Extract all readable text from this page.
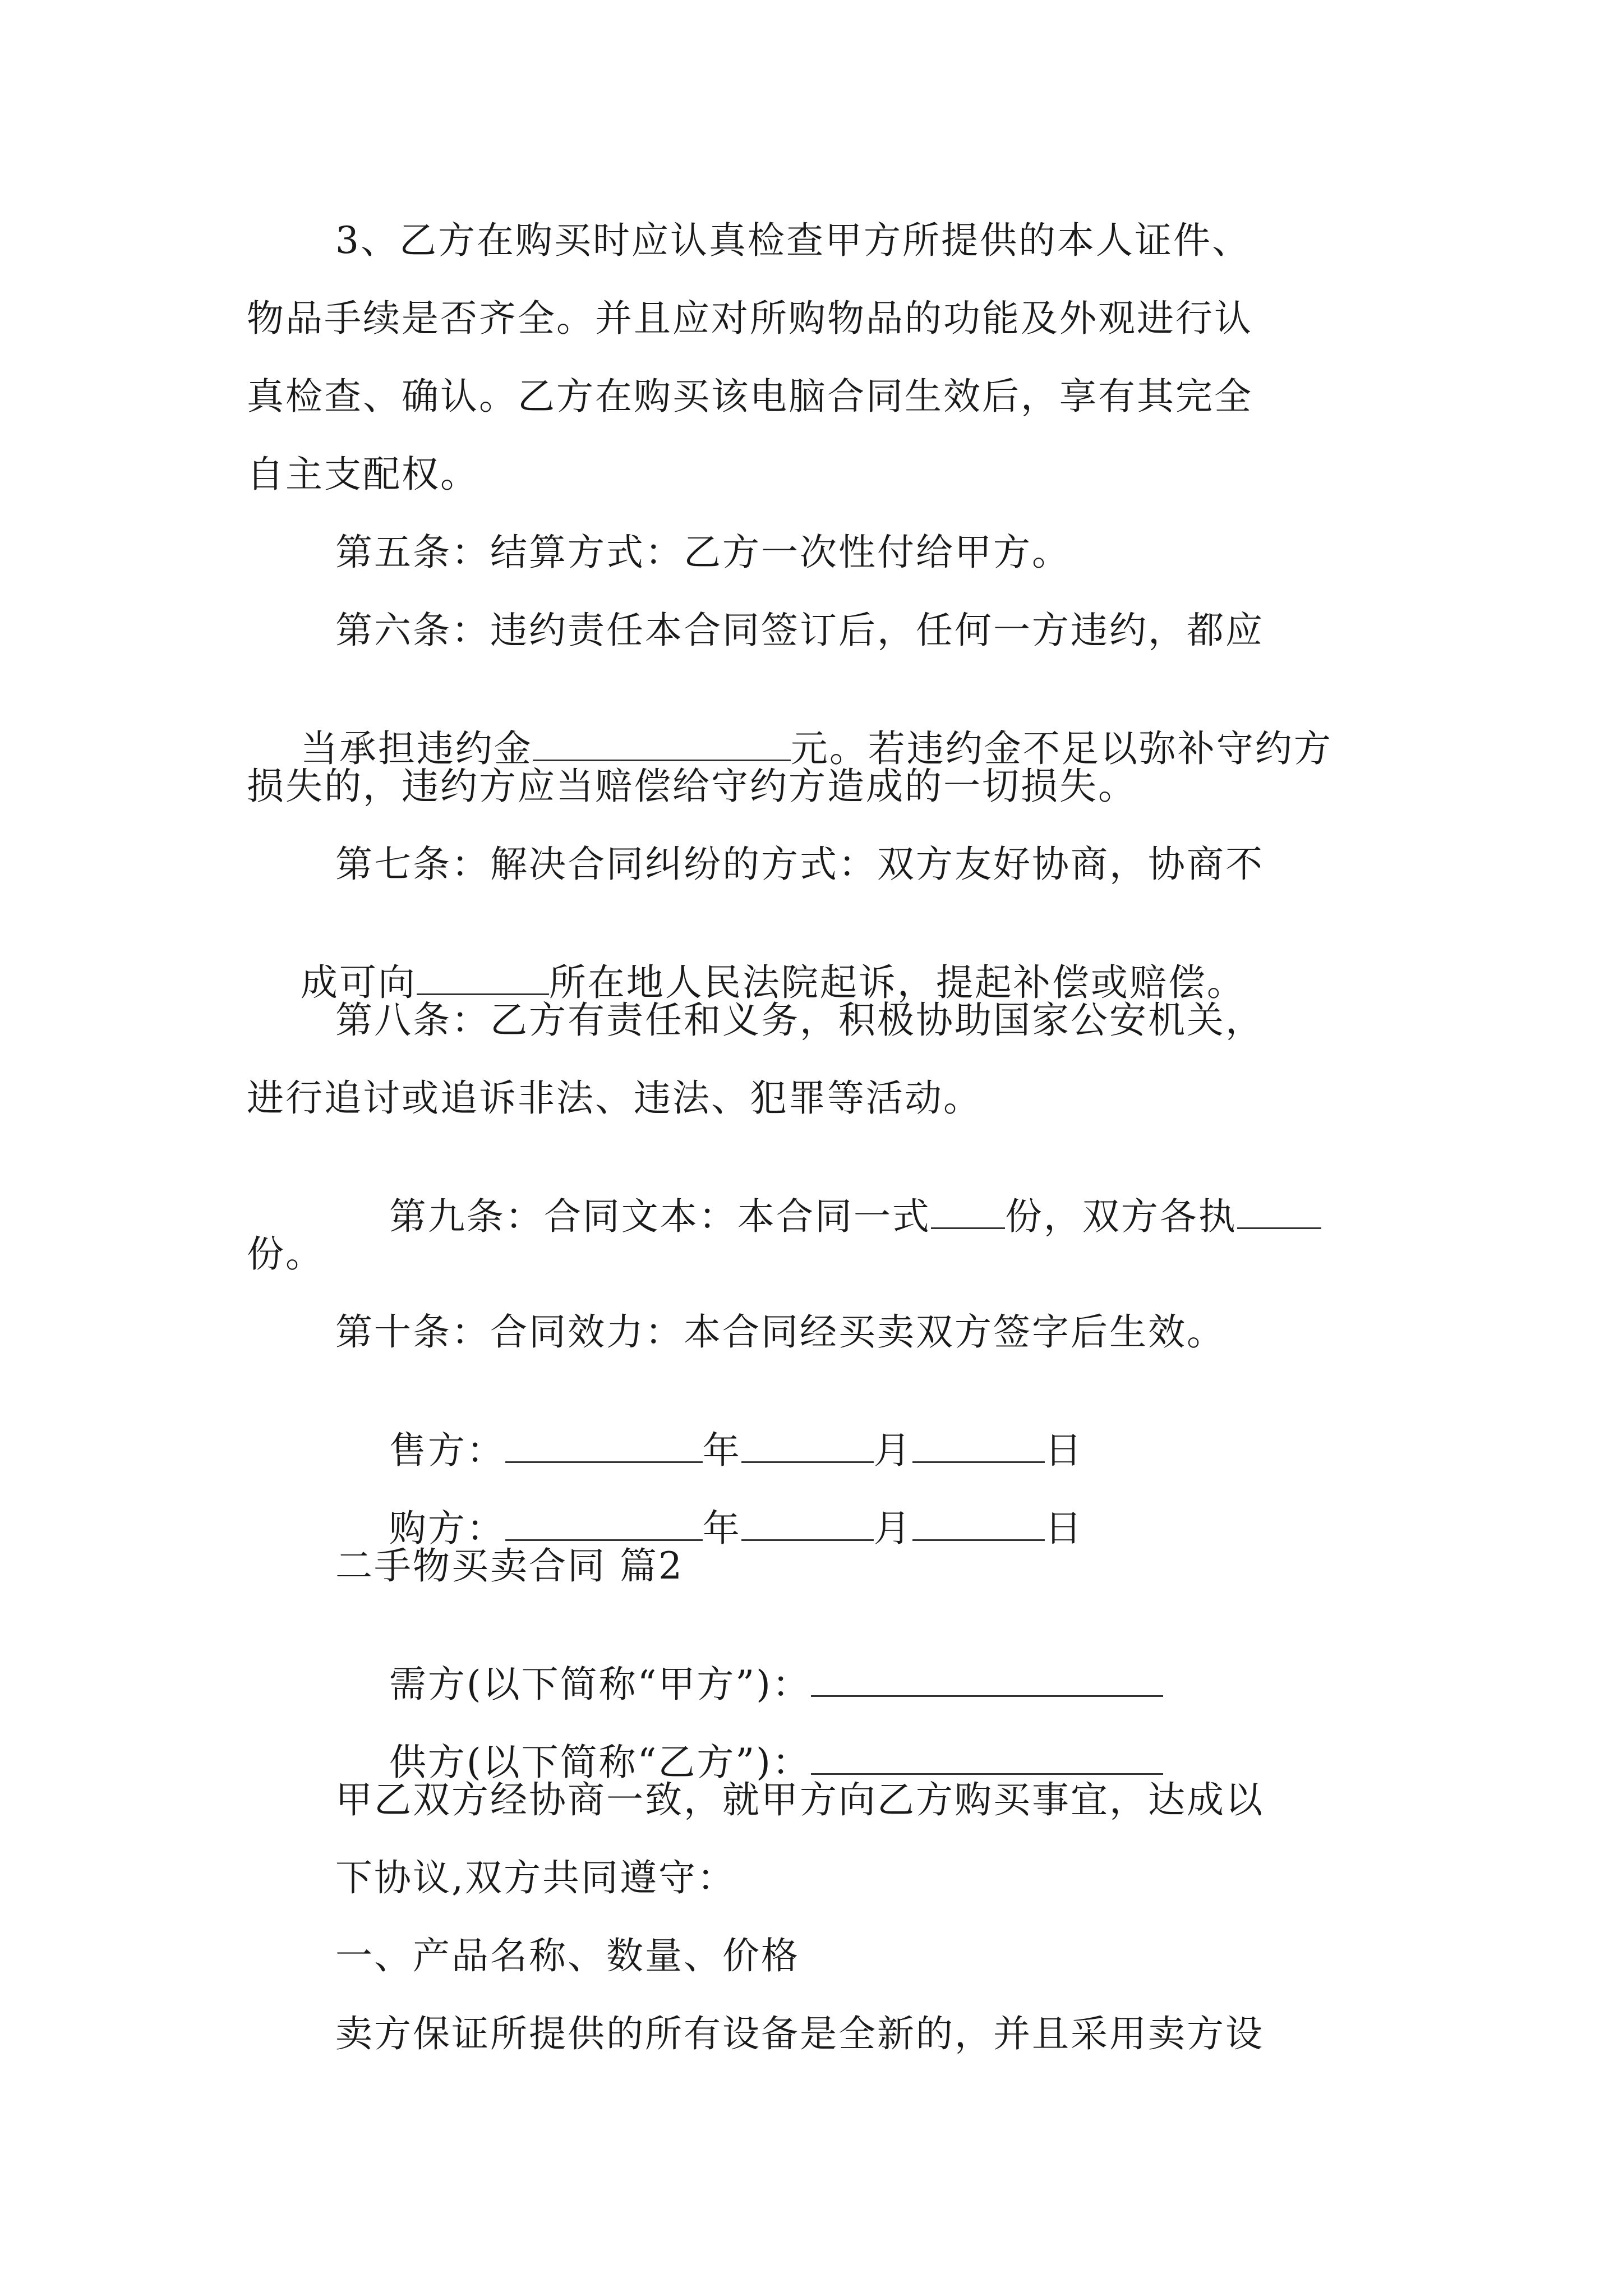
3、乙方在购买时应认真检查甲方所提供的本人证件、
物品手续是否齐全。并且应对所购物品的功能及外观进行认
真检查、确认。乙方在购买该电脑合同生效后，享有其完全
自主支配权。
第五条：结算方式：乙方一次性付给甲方。
第六条：违约责任本合同签订后，任何一方违约，都应

当承担违约金	元。若违约金不足以弥补守约方

损失的，违约方应当赔偿给守约方造成的一切损失。
第七条：解决合同纠纷的方式：双方友好协商，协商不

成可向	所在地人民法院起诉，提起补偿或赔偿。

第八条：乙方有责任和义务，积极协助国家公安机关，
进行追讨或追诉非法、违法、犯罪等活动。

第九条：合同文本：本合同一式 份，双方各执

份。
第十条：合同效力：本合同经买卖双方签字后生效。

售方：	年	月	日

购方：	年	月	日

二手物买卖合同 篇2

需方(以下简称“甲方”)：

供方(以下简称“乙方”)：

甲乙双方经协商一致，就甲方向乙方购买事宜，达成以
下协议,双方共同遵守：
一、产品名称、数量、价格
卖方保证所提供的所有设备是全新的，并且采用卖方设
